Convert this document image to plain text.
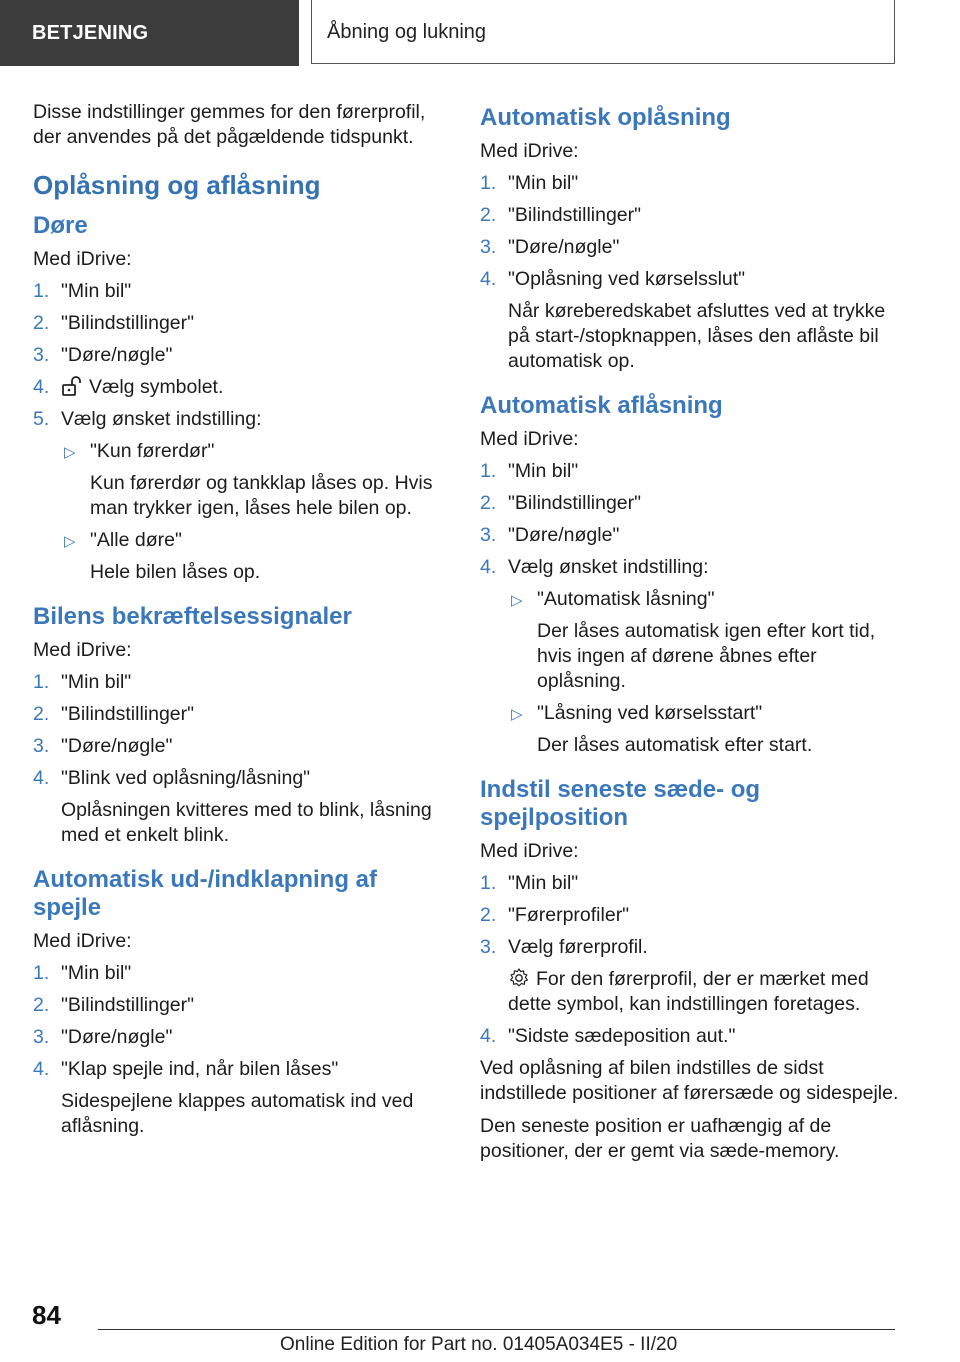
BETJENING	Åbning og lukning

Disse indstillinger gemmes for den førerprofil, der anvendes på det pågældende tidspunkt.

Oplåsning og aflåsning
Døre
Med iDrive:
1. "Min bil"
2. "Bilindstillinger"
3. "Døre/nøgle"
4. Vælg symbolet.
5. Vælg ønsket indstilling:
▷ "Kun førerdør"
Kun førerdør og tankklap låses op. Hvis man trykker igen, låses hele bilen op.
▷ "Alle døre"
Hele bilen låses op.
Bilens bekræftelsessignaler
Med iDrive:
1. "Min bil"
2. "Bilindstillinger"
3. "Døre/nøgle"
4. "Blink ved oplåsning/låsning"
Oplåsningen kvitteres med to blink, låsning med et enkelt blink.
Automatisk ud-/indklapning af spejle
Med iDrive:
1. "Min bil"
2. "Bilindstillinger"
3. "Døre/nøgle"
4. "Klap spejle ind, når bilen låses"
Sidespejlene klappes automatisk ind ved aflåsning.
Automatisk oplåsning
Med iDrive:
1. "Min bil"
2. "Bilindstillinger"
3. "Døre/nøgle"
4. "Oplåsning ved kørselsslut"
Når køreberedskabet afsluttes ved at trykke på start-/stopknappen, låses den aflåste bil automatisk op.
Automatisk aflåsning
Med iDrive:
1. "Min bil"
2. "Bilindstillinger"
3. "Døre/nøgle"
4. Vælg ønsket indstilling:
▷ "Automatisk låsning"
Der låses automatisk igen efter kort tid, hvis ingen af dørene åbnes efter oplåsning.
▷ "Låsning ved kørselsstart"
Der låses automatisk efter start.
Indstil seneste sæde- og spejlposition
Med iDrive:
1. "Min bil"
2. "Førerprofiler"
3. Vælg førerprofil.
For den førerprofil, der er mærket med dette symbol, kan indstillingen foretages.
4. "Sidste sædeposition aut."

Ved oplåsning af bilen indstilles de sidst indstillede positioner af førersæde og sidespejle.

Den seneste position er uafhængig af de positioner, der er gemt via sæde-memory.

84
Online Edition for Part no. 01405A034E5 - II/20
